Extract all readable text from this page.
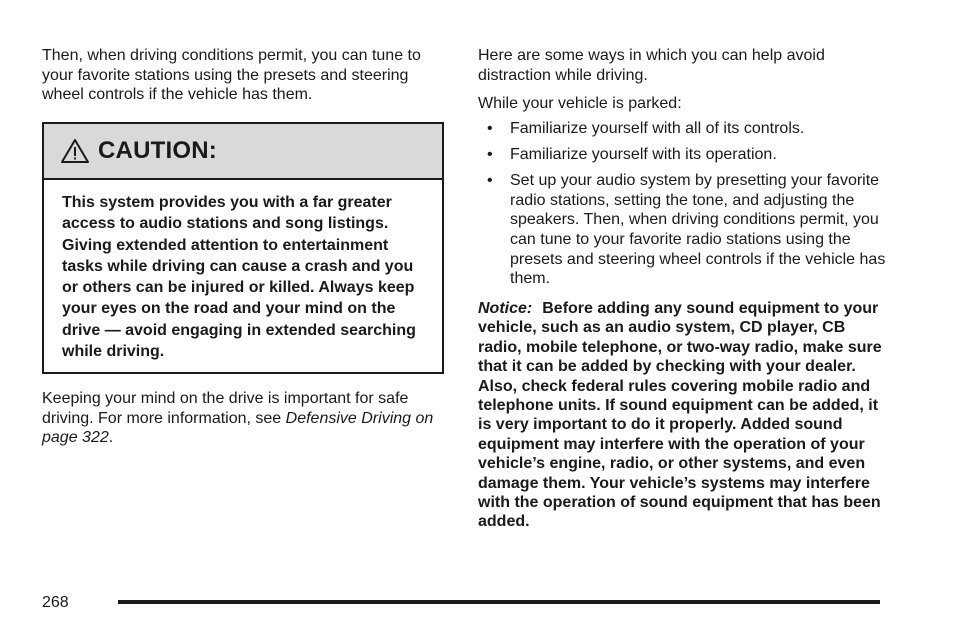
Then, when driving conditions permit, you can tune to your favorite stations using the presets and steering wheel controls if the vehicle has them.

CAUTION:
This system provides you with a far greater access to audio stations and song listings. Giving extended attention to entertainment tasks while driving can cause a crash and you or others can be injured or killed. Always keep your eyes on the road and your mind on the drive — avoid engaging in extended searching while driving.

Keeping your mind on the drive is important for safe driving. For more information, see Defensive Driving on page 322.

Here are some ways in which you can help avoid distraction while driving.

While your vehicle is parked:

• Familiarize yourself with all of its controls.
• Familiarize yourself with its operation.
• Set up your audio system by presetting your favorite radio stations, setting the tone, and adjusting the speakers. Then, when driving conditions permit, you can tune to your favorite radio stations using the presets and steering wheel controls if the vehicle has them.

Notice: Before adding any sound equipment to your vehicle, such as an audio system, CD player, CB radio, mobile telephone, or two-way radio, make sure that it can be added by checking with your dealer. Also, check federal rules covering mobile radio and telephone units. If sound equipment can be added, it is very important to do it properly. Added sound equipment may interfere with the operation of your vehicle’s engine, radio, or other systems, and even damage them. Your vehicle’s systems may interfere with the operation of sound equipment that has been added.

268
